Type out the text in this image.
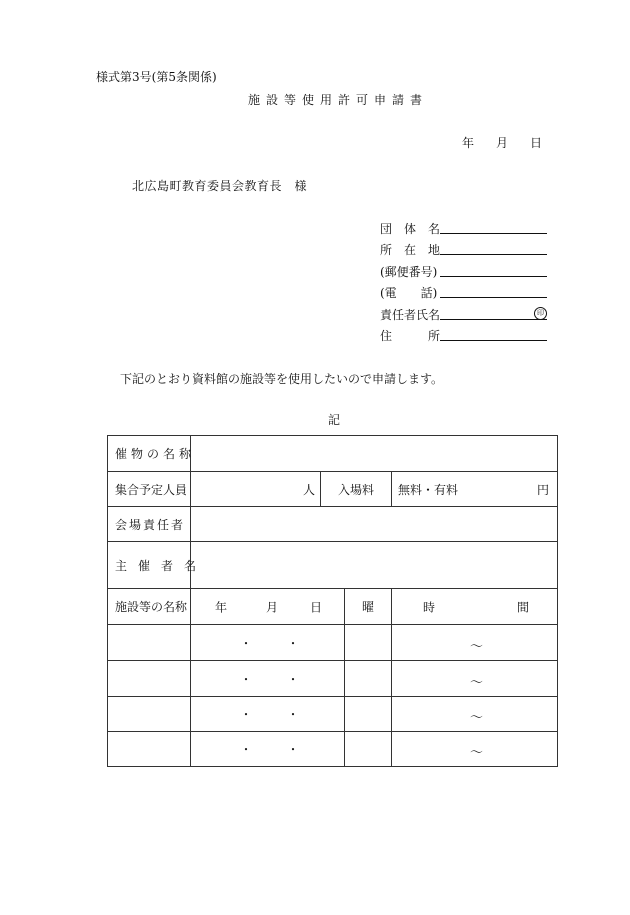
様式第3号(第5条関係)
施設等使用許可申請書
年 月 日
北広島町教育委員会教育長　様
団　体　名
所　在　地
(郵便番号)
(電　　話)
責任者氏名	印
住　　　所
下記のとおり資料館の施設等を使用したいので申請します。
記
催物の名称				
集合予定人員	人	入場料		無料・有料 円

会場責任者				
主催者名				
施設等の名称	年 月 日		曜	時 間

	・ ・			～

	・ ・			～

	・ ・			～

	・ ・			～
